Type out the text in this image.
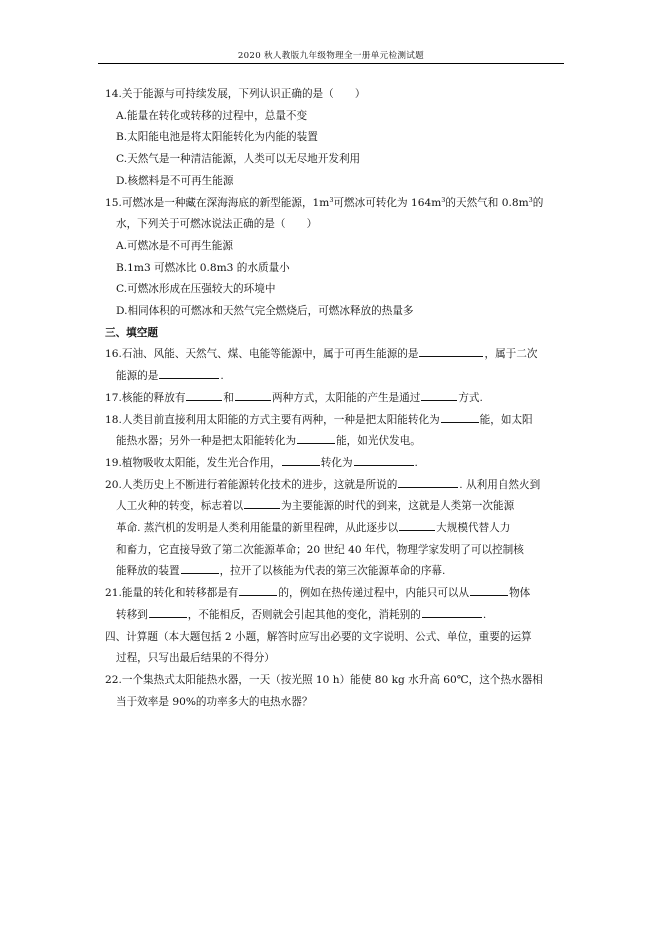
2020 秋人教版九年级物理全一册单元检测试题

14.关于能源与可持续发展，下列认识正确的是（　　）

A.能量在转化或转移的过程中，总量不变

B.太阳能电池是将太阳能转化为内能的装置

C.天然气是一种清洁能源，人类可以无尽地开发利用

D.核燃料是不可再生能源

15.可燃冰是一种藏在深海海底的新型能源，$1m^3$可燃冰可转化为 $164m^3$的天然气和 $0.8m^3$的

水，下列关于可燃冰说法正确的是（　　）

A.可燃冰是不可再生能源

B.1m3 可燃冰比 0.8m3 的水质量小

C.可燃冰形成在压强较大的环境中

D.相同体积的可燃冰和天然气完全燃烧后，可燃冰释放的热量多

三、填空题

16.石油、风能、天然气、煤、电能等能源中，属于可再生能源的是	，属于二次

能源的是	.

17.核能的释放有	和	两种方式，太阳能的产生是通过	方式.

18.人类目前直接利用太阳能的方式主要有两种，一种是把太阳能转化为	能，如太阳

能热水器；另外一种是把太阳能转化为	能，如光伏发电。

19.植物吸收太阳能，发生光合作用，	转化为	.

20.人类历史上不断进行着能源转化技术的进步，这就是所说的	. 从利用自然火到

人工火种的转变，标志着以	为主要能源的时代的到来，这就是人类第一次能源

革命. 蒸汽机的发明是人类利用能量的新里程碑，从此逐步以	大规模代替人力

和畜力，它直接导致了第二次能源革命；20 世纪 40 年代，物理学家发明了可以控制核

能释放的装置	，拉开了以核能为代表的第三次能源革命的序幕.

21.能量的转化和转移都是有	的，例如在热传递过程中，内能只可以从	物体

转移到	，不能相反，否则就会引起其他的变化，消耗别的	.

四、计算题（本大题包括 2 小题，解答时应写出必要的文字说明、公式、单位，重要的运算

过程，只写出最后结果的不得分）

22.一个集热式太阳能热水器，一天（按光照 10 h）能使 80 kg 水升高 60℃，这个热水器相

当于效率是 90%的功率多大的电热水器？
